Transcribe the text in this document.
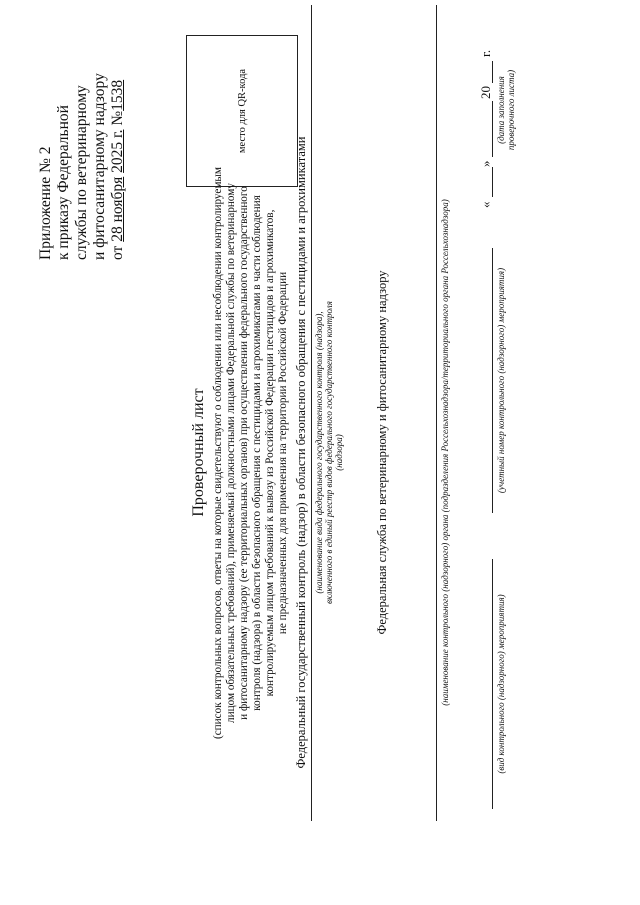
Приложение № 2 к приказу Федеральной службы по ветеринарному и фитосанитарному надзору от 28 ноября 2025 г. №1538	место для QR-кода
Проверочный лист (список контрольных вопросов, ответы на которые свидетельствуют о соблюдении или несоблюдении контролируемым лицом обязательных требований), применяемый должностными лицами Федеральной службы по ветеринарному и фитосанитарному надзору (ее территориальных органов) при осуществлении федерального государственного контроля (надзора) в области безопасного обращения с пестицидами и агрохимикатами в части соблюдения контролируемым лицом требований к вывозу из Российской Федерации пестицидов и агрохимикатов, не предназначенных для применения на территории Российской Федерации Федеральный государственный контроль (надзор) в области безопасного обращения с пестицидами и агрохимикатами (наименование вида федерального государственного контроля (надзора), включенного в единый реестр видов федерального государственного контроля (надзора) Федеральная служба по ветеринарному и фитосанитарному надзору	(наименование контрольного (надзорного) органа (подразделения Россельхознадзора/территориального органа Россельхознадзора)	(вид контрольного (надзорного) мероприятия)
(учетный номер контрольного (надзорного) мероприятия)
«
»
20
г.
(дата заполнения проверочного листа)
